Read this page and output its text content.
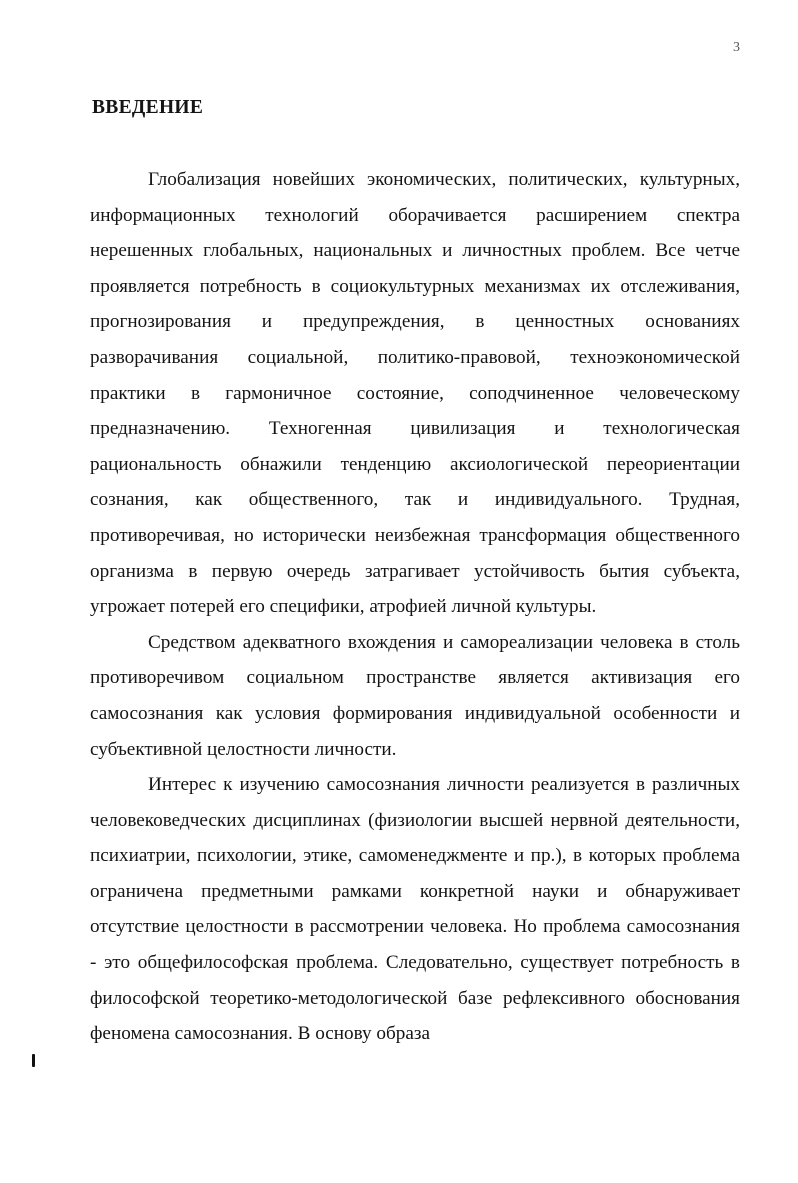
3
ВВЕДЕНИЕ

Глобализация новейших экономических, политических, культурных, информационных технологий оборачивается расширением спектра нерешенных глобальных, национальных и личностных проблем. Все четче проявляется потребность в социокультурных механизмах их отслеживания, прогнозирования и предупреждения, в ценностных основаниях разворачивания социальной, политико-правовой, техноэкономической практики в гармоничное состояние, соподчиненное человеческому предназначению. Техногенная цивилизация и технологическая рациональность обнажили тенденцию аксиологической переориентации сознания, как общественного, так и индивидуального. Трудная, противоречивая, но исторически неизбежная трансформация общественного организма в первую очередь затрагивает устойчивость бытия субъекта, угрожает потерей его специфики, атрофией личной культуры.

Средством адекватного вхождения и самореализации человека в столь противоречивом социальном пространстве является активизация его самосознания как условия формирования индивидуальной особенности и субъективной целостности личности.

Интерес к изучению самосознания личности реализуется в различных человековедческих дисциплинах (физиологии высшей нервной деятельности, психиатрии, психологии, этике, самоменеджменте и пр.), в которых проблема ограничена предметными рамками конкретной науки и обнаруживает отсутствие целостности в рассмотрении человека. Но проблема самосознания - это общефилософская проблема. Следовательно, существует потребность в философской теоретико-методологической базе рефлексивного обоснования феномена самосознания. В основу образа
